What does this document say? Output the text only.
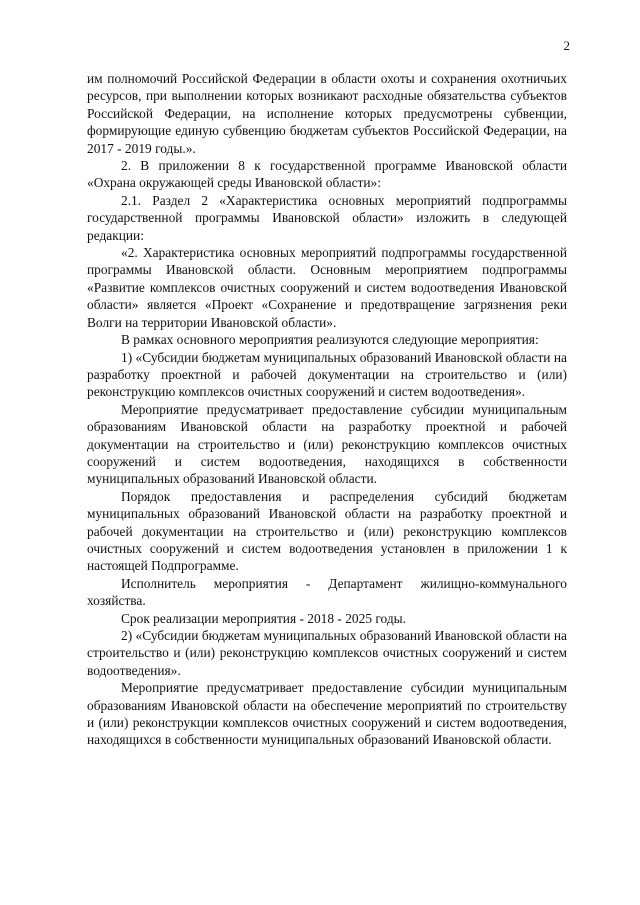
2

им полномочий Российской Федерации в области охоты и сохранения охотничьих ресурсов, при выполнении которых возникают расходные обязательства субъектов Российской Федерации, на исполнение которых предусмотрены субвенции, формирующие единую субвенцию бюджетам субъектов Российской Федерации, на 2017 - 2019 годы.».

2. В приложении 8 к государственной программе Ивановской области «Охрана окружающей среды Ивановской области»:

2.1. Раздел 2 «Характеристика основных мероприятий подпрограммы государственной программы Ивановской области» изложить в следующей редакции:

«2. Характеристика основных мероприятий подпрограммы государственной программы Ивановской области. Основным мероприятием подпрограммы «Развитие комплексов очистных сооружений и систем водоотведения Ивановской области» является «Проект «Сохранение и предотвращение загрязнения реки Волги на территории Ивановской области».

В рамках основного мероприятия реализуются следующие мероприятия:

1) «Субсидии бюджетам муниципальных образований Ивановской области на разработку проектной и рабочей документации на строительство и (или) реконструкцию комплексов очистных сооружений и систем водоотведения».

Мероприятие предусматривает предоставление субсидии муниципальным образованиям Ивановской области на разработку проектной и рабочей документации на строительство и (или) реконструкцию комплексов очистных сооружений и систем водоотведения, находящихся в собственности муниципальных образований Ивановской области.

Порядок предоставления и распределения субсидий бюджетам муниципальных образований Ивановской области на разработку проектной и рабочей документации на строительство и (или) реконструкцию комплексов очистных сооружений и систем водоотведения установлен в приложении 1 к настоящей Подпрограмме.

Исполнитель мероприятия - Департамент жилищно-коммунального хозяйства.

Срок реализации мероприятия - 2018 - 2025 годы.

2) «Субсидии бюджетам муниципальных образований Ивановской области на строительство и (или) реконструкцию комплексов очистных сооружений и систем водоотведения».

Мероприятие предусматривает предоставление субсидии муниципальным образованиям Ивановской области на обеспечение мероприятий по строительству и (или) реконструкции комплексов очистных сооружений и систем водоотведения, находящихся в собственности муниципальных образований Ивановской области.
